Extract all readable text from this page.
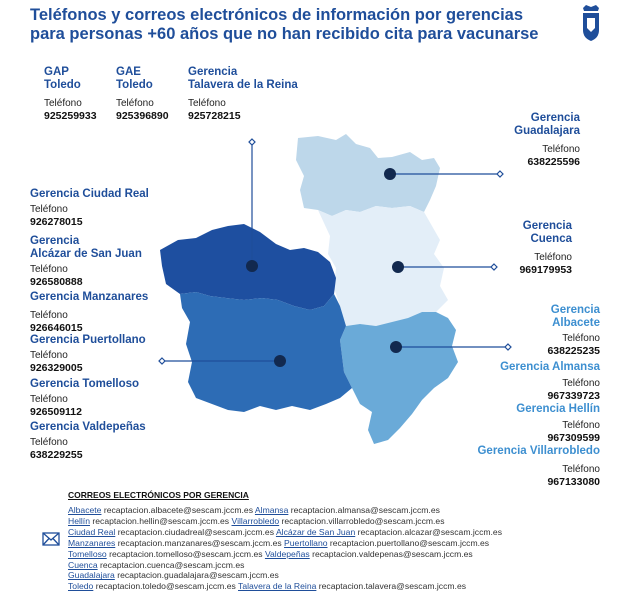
Teléfonos y correos electrónicos de información por gerencias
para personas +60 años que no han recibido cita para vacunarse
GAP
Toledo
Teléfono
925259933
GAE
Toledo
Teléfono
925396890
Gerencia
Talavera de la Reina
Teléfono
925728215	Gerencia
Guadalajara
Teléfono
638225596
Gerencia
Cuenca
Teléfono
969179953
Gerencia
Albacete
Teléfono
638225235
Gerencia Almansa
Teléfono
967339723
Gerencia Hellín
Teléfono
967309599
Gerencia Villarrobledo
Teléfono
967133080
Gerencia Ciudad Real
Teléfono
926278015
Gerencia
Alcázar de San Juan
Teléfono
926580888
Gerencia Manzanares
Teléfono
926646015
Gerencia Puertollano
Teléfono
926329005
Gerencia Tomelloso
Teléfono
926509112
Gerencia Valdepeñas
Teléfono
638229255
CORREOS ELECTRÓNICOS POR GERENCIA
Albacete recaptacion.albacete@sescam.jccm.es Almansa recaptacion.almansa@sescam.jccm.es
Hellín recaptacion.hellin@sescam.jccm.es Villarrobledo recaptacion.villarrobledo@sescam.jccm.es
Ciudad Real recaptacion.ciudadreal@sescam.jccm.es Alcázar de San Juan recaptacion.alcazar@sescam.jccm.es
Manzanares recaptacion.manzanares@sescam.jccm.es Puertollano recaptacion.puertollano@sescam.jccm.es
Tomelloso recaptacion.tomelloso@sescam.jccm.es Valdepeñas recaptacion.valdepenas@sescam.jccm.es
Cuenca recaptacion.cuenca@sescam.jccm.es
Guadalajara recaptacion.guadalajara@sescam.jccm.es
Toledo recaptacion.toledo@sescam.jccm.es Talavera de la Reina recaptacion.talavera@sescam.jccm.es
